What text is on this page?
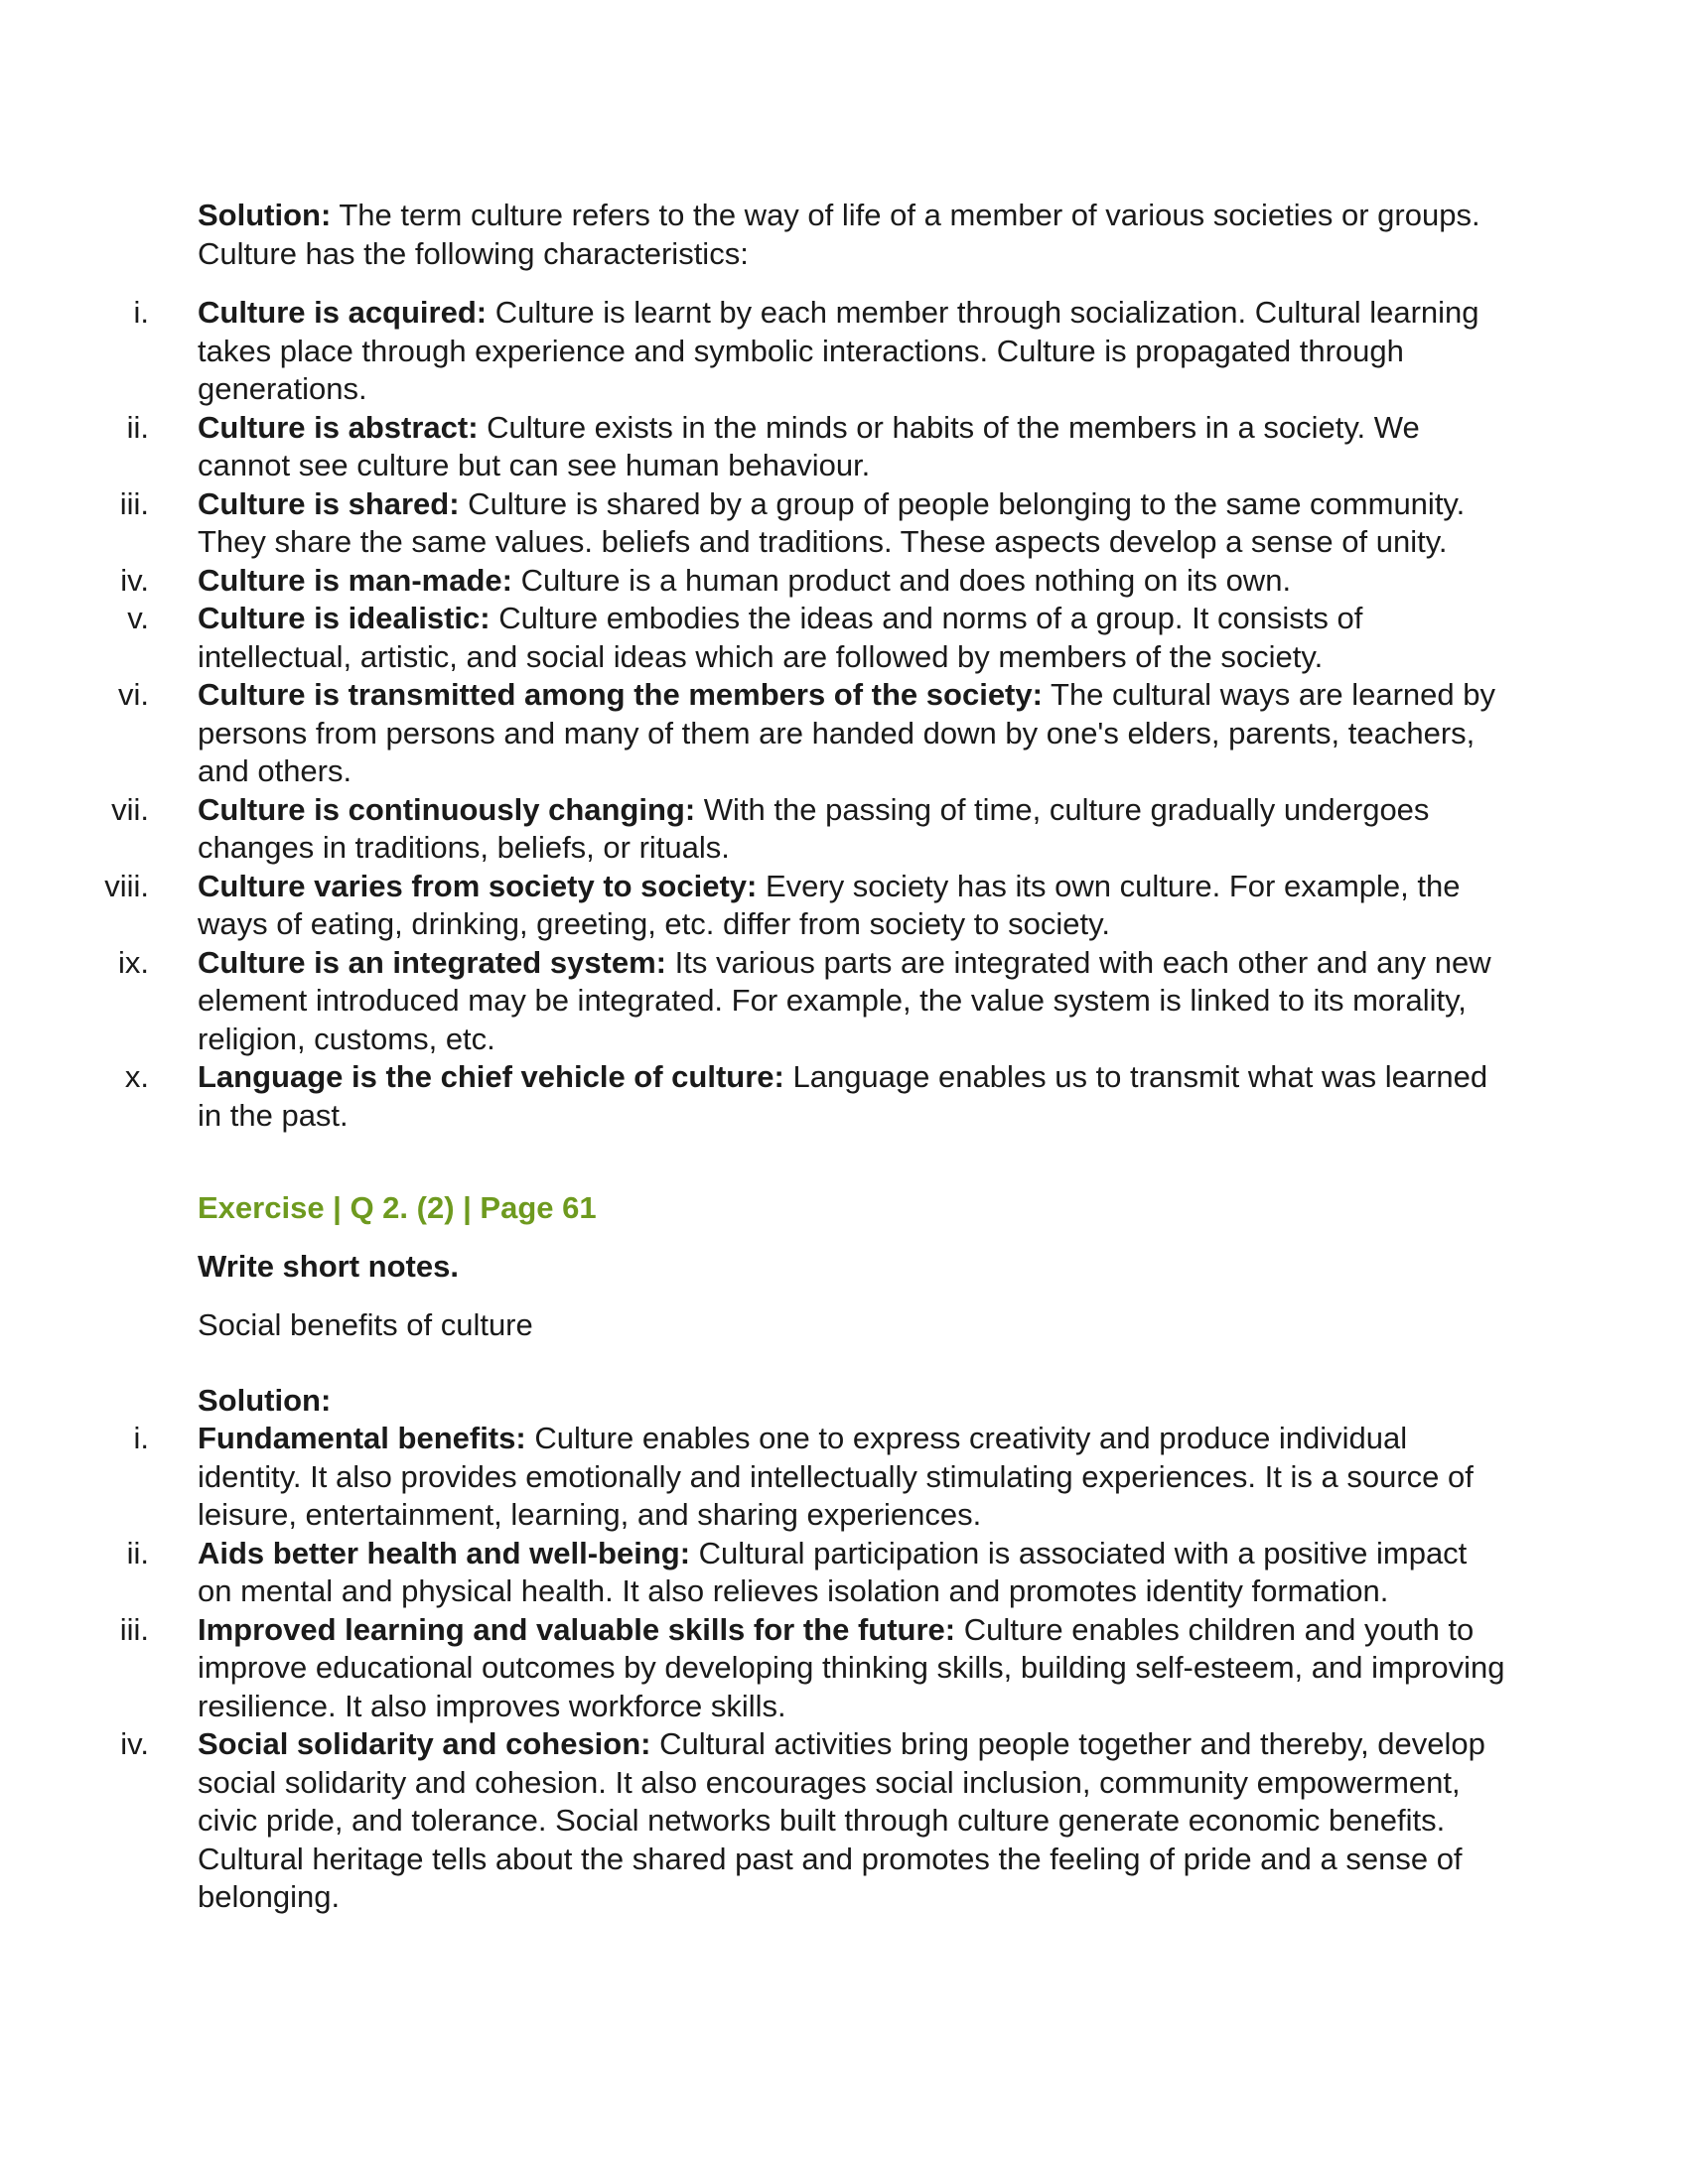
Solution: The term culture refers to the way of life of a member of various societies or groups. Culture has the following characteristics:
i. Culture is acquired: Culture is learnt by each member through socialization. Cultural learning takes place through experience and symbolic interactions. Culture is propagated through generations.
ii. Culture is abstract: Culture exists in the minds or habits of the members in a society. We cannot see culture but can see human behaviour.
iii. Culture is shared: Culture is shared by a group of people belonging to the same community. They share the same values. beliefs and traditions. These aspects develop a sense of unity.
iv. Culture is man-made: Culture is a human product and does nothing on its own.
v. Culture is idealistic: Culture embodies the ideas and norms of a group. It consists of intellectual, artistic, and social ideas which are followed by members of the society.
vi. Culture is transmitted among the members of the society: The cultural ways are learned by persons from persons and many of them are handed down by one's elders, parents, teachers, and others.
vii. Culture is continuously changing: With the passing of time, culture gradually undergoes changes in traditions, beliefs, or rituals.
viii. Culture varies from society to society: Every society has its own culture. For example, the ways of eating, drinking, greeting, etc. differ from society to society.
ix. Culture is an integrated system: Its various parts are integrated with each other and any new element introduced may be integrated. For example, the value system is linked to its morality, religion, customs, etc.
x. Language is the chief vehicle of culture: Language enables us to transmit what was learned in the past.
Exercise | Q 2. (2) | Page 61
Write short notes.
Social benefits of culture
Solution:
i. Fundamental benefits: Culture enables one to express creativity and produce individual identity. It also provides emotionally and intellectually stimulating experiences. It is a source of leisure, entertainment, learning, and sharing experiences.
ii. Aids better health and well-being: Cultural participation is associated with a positive impact on mental and physical health. It also relieves isolation and promotes identity formation.
iii. Improved learning and valuable skills for the future: Culture enables children and youth to improve educational outcomes by developing thinking skills, building self-esteem, and improving resilience. It also improves workforce skills.
iv. Social solidarity and cohesion: Cultural activities bring people together and thereby, develop social solidarity and cohesion. It also encourages social inclusion, community empowerment, civic pride, and tolerance. Social networks built through culture generate economic benefits. Cultural heritage tells about the shared past and promotes the feeling of pride and a sense of belonging.
